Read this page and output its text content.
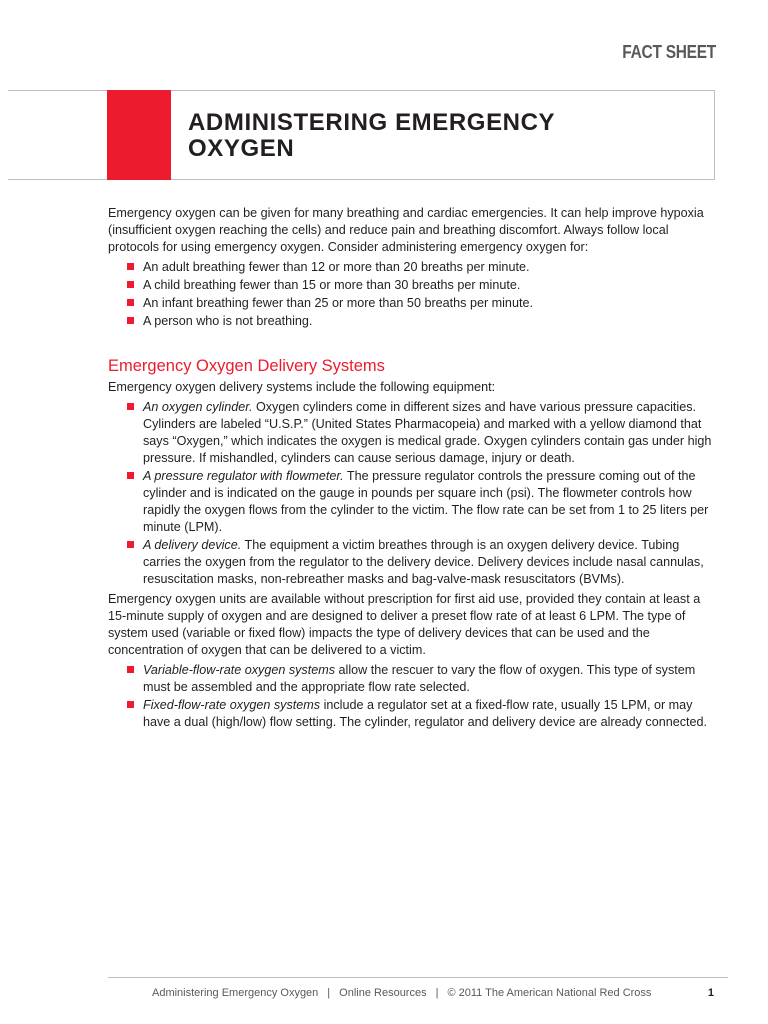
FACT SHEET
ADMINISTERING EMERGENCY
OXYGEN

Emergency oxygen can be given for many breathing and cardiac emergencies. It can help improve hypoxia (insufficient oxygen reaching the cells) and reduce pain and breathing discomfort. Always follow local protocols for using emergency oxygen. Consider administering emergency oxygen for:

An adult breathing fewer than 12 or more than 20 breaths per minute.
A child breathing fewer than 15 or more than 30 breaths per minute.
An infant breathing fewer than 25 or more than 50 breaths per minute.
A person who is not breathing.
Emergency Oxygen Delivery Systems

Emergency oxygen delivery systems include the following equipment:

An oxygen cylinder. Oxygen cylinders come in different sizes and have various pressure capacities. Cylinders are labeled “U.S.P.” (United States Pharmacopeia) and marked with a yellow diamond that says “Oxygen,” which indicates the oxygen is medical grade. Oxygen cylinders contain gas under high pressure. If mishandled, cylinders can cause serious damage, injury or death.
A pressure regulator with flowmeter. The pressure regulator controls the pressure coming out of the cylinder and is indicated on the gauge in pounds per square inch (psi). The flowmeter controls how rapidly the oxygen flows from the cylinder to the victim. The flow rate can be set from 1 to 25 liters per minute (LPM).
A delivery device. The equipment a victim breathes through is an oxygen delivery device. Tubing carries the oxygen from the regulator to the delivery device. Delivery devices include nasal cannulas, resuscitation masks, non-rebreather masks and bag-valve-mask resuscitators (BVMs).

Emergency oxygen units are available without prescription for first aid use, provided they contain at least a 15-minute supply of oxygen and are designed to deliver a preset flow rate of at least 6 LPM. The type of system used (variable or fixed flow) impacts the type of delivery devices that can be used and the concentration of oxygen that can be delivered to a victim.

Variable-flow-rate oxygen systems allow the rescuer to vary the flow of oxygen. This type of system must be assembled and the appropriate flow rate selected.
Fixed-flow-rate oxygen systems include a regulator set at a fixed-flow rate, usually 15 LPM, or may have a dual (high/low) flow setting. The cylinder, regulator and delivery device are already connected.
Administering Emergency Oxygen | Online Resources | © 2011 The American National Red Cross	1
